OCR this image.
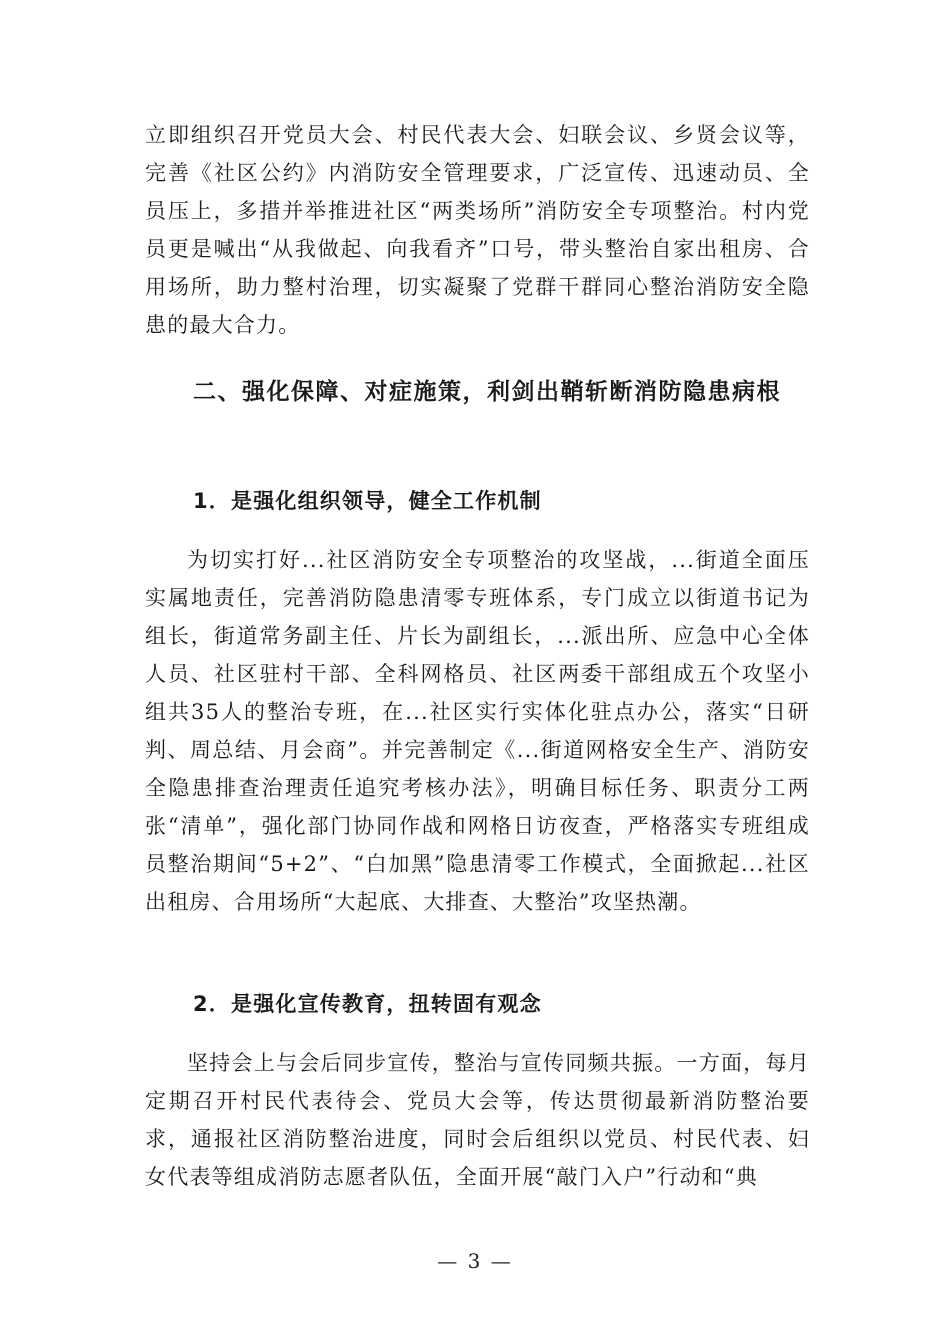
立即组织召开党员大会、村民代表大会、妇联会议、乡贤会议等，完善《社区公约》内消防安全管理要求，广泛宣传、迅速动员、全员压上，多措并举推进社区“两类场所”消防安全专项整治。村内党员更是喊出“从我做起、向我看齐”口号，带头整治自家出租房、合用场所，助力整村治理，切实凝聚了党群干群同心整治消防安全隐患的最大合力。

二、强化保障、对症施策，利剑出鞘斩断消防隐患病根

1．是强化组织领导，健全工作机制

为切实打好...社区消防安全专项整治的攻坚战，...街道全面压实属地责任，完善消防隐患清零专班体系，专门成立以街道书记为组长，街道常务副主任、片长为副组长，...派出所、应急中心全体人员、社区驻村干部、全科网格员、社区两委干部组成五个攻坚小组共35人的整治专班，在...社区实行实体化驻点办公，落实“日研判、周总结、月会商”。并完善制定《...街道网格安全生产、消防安全隐患排查治理责任追究考核办法》，明确目标任务、职责分工两张“清单”，强化部门协同作战和网格日访夜查，严格落实专班组成员整治期间“5+2”、“白加黑”隐患清零工作模式，全面掀起...社区出租房、合用场所“大起底、大排查、大整治”攻坚热潮。

2．是强化宣传教育，扭转固有观念

坚持会上与会后同步宣传，整治与宣传同频共振。一方面，每月定期召开村民代表待会、党员大会等，传达贯彻最新消防整治要求，通报社区消防整治进度，同时会后组织以党员、村民代表、妇女代表等组成消防志愿者队伍，全面开展“敲门入户”行动和“典

— 3 —
